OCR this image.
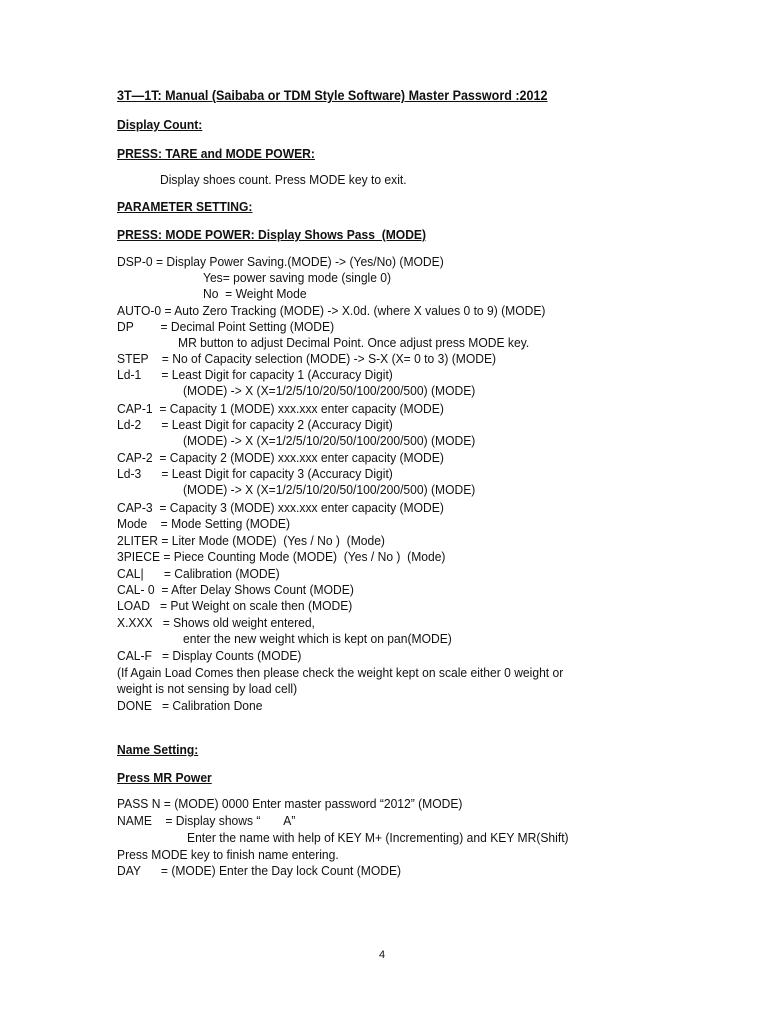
3T—1T: Manual (Saibaba or TDM Style Software) Master Password :2012
Display Count:
PRESS: TARE and MODE POWER:
Display shoes count. Press MODE key to exit.
PARAMETER SETTING:
PRESS: MODE POWER: Display Shows Pass  (MODE)
DSP-0 = Display Power Saving.(MODE) -> (Yes/No) (MODE)
Yes= power saving mode (single 0)
No  = Weight Mode
AUTO-0 = Auto Zero Tracking (MODE) -> X.0d. (where X values 0 to 9) (MODE)
DP        = Decimal Point Setting (MODE)
MR button to adjust Decimal Point. Once adjust press MODE key.
STEP    = No of Capacity selection (MODE) -> S-X (X= 0 to 3) (MODE)
Ld-1      = Least Digit for capacity 1 (Accuracy Digit)
(MODE) -> X (X=1/2/5/10/20/50/100/200/500) (MODE)
CAP-1  = Capacity 1 (MODE) xxx.xxx enter capacity (MODE)
Ld-2      = Least Digit for capacity 2 (Accuracy Digit)
(MODE) -> X (X=1/2/5/10/20/50/100/200/500) (MODE)
CAP-2  = Capacity 2 (MODE) xxx.xxx enter capacity (MODE)
Ld-3      = Least Digit for capacity 3 (Accuracy Digit)
(MODE) -> X (X=1/2/5/10/20/50/100/200/500) (MODE)
CAP-3  = Capacity 3 (MODE) xxx.xxx enter capacity (MODE)
Mode    = Mode Setting (MODE)
2LITER = Liter Mode (MODE)  (Yes / No )  (Mode)
3PIECE = Piece Counting Mode (MODE)  (Yes / No )  (Mode)
CAL|      = Calibration (MODE)
CAL- 0  = After Delay Shows Count (MODE)
LOAD   = Put Weight on scale then (MODE)
X.XXX   = Shows old weight entered,
enter the new weight which is kept on pan(MODE)
CAL-F   = Display Counts (MODE)
(If Again Load Comes then please check the weight kept on scale either 0 weight or
weight is not sensing by load cell)
DONE   = Calibration Done
Name Setting:
Press MR Power
PASS N = (MODE) 0000 Enter master password “2012” (MODE)
NAME    = Display shows “       A”
Enter the name with help of KEY M+ (Incrementing) and KEY MR(Shift)
Press MODE key to finish name entering.
DAY      = (MODE) Enter the Day lock Count (MODE)
4
